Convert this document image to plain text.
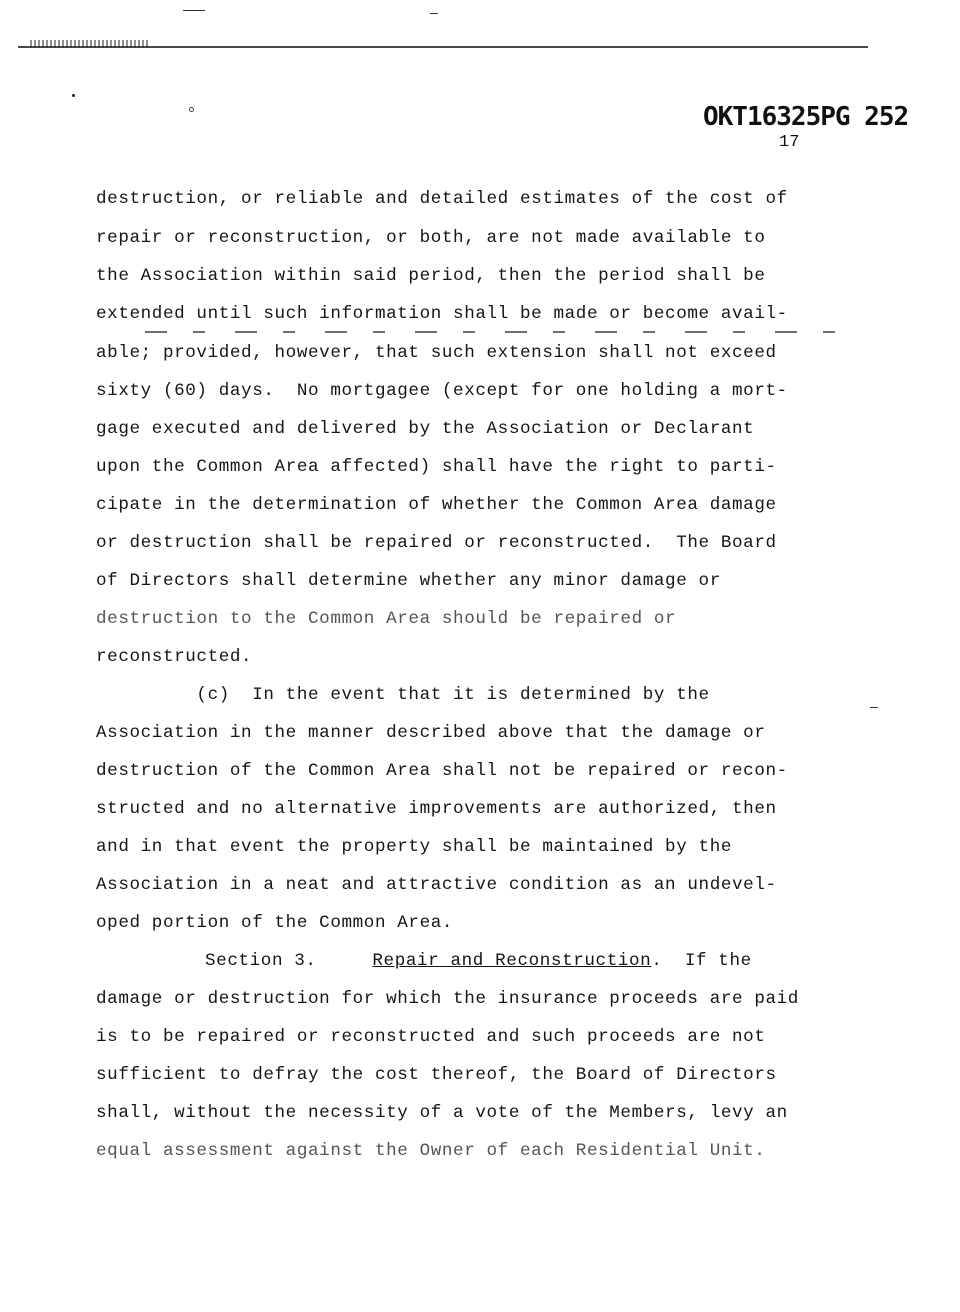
OKT16325PG 252
17

destruction, or reliable and detailed estimates of the cost of

repair or reconstruction, or both, are not made available to

the Association within said period, then the period shall be

extended until such information shall be made or become avail-

able; provided, however, that such extension shall not exceed

sixty (60) days.  No mortgagee (except for one holding a mort-

gage executed and delivered by the Association or Declarant

upon the Common Area affected) shall have the right to parti-

cipate in the determination of whether the Common Area damage

or destruction shall be repaired or reconstructed.  The Board

of Directors shall determine whether any minor damage or

destruction to the Common Area should be repaired or

reconstructed.

(c)  In the event that it is determined by the

Association in the manner described above that the damage or

destruction of the Common Area shall not be repaired or recon-

structed and no alternative improvements are authorized, then

and in that event the property shall be maintained by the

Association in a neat and attractive condition as an undevel-

oped portion of the Common Area.

Section 3.	Repair and Reconstruction.  If the

damage or destruction for which the insurance proceeds are paid

is to be repaired or reconstructed and such proceeds are not

sufficient to defray the cost thereof, the Board of Directors

shall, without the necessity of a vote of the Members, levy an

equal assessment against the Owner of each Residential Unit.
